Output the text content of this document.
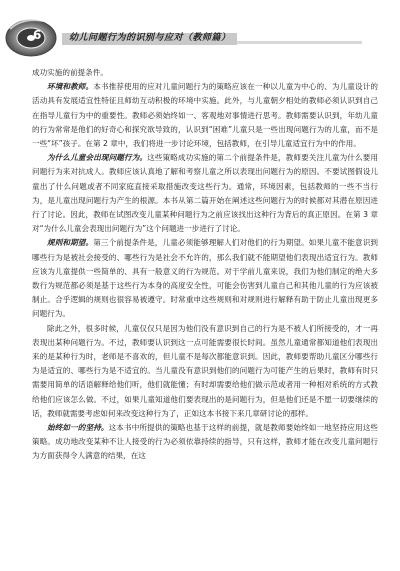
6	幼儿问题行为的识别与应对（教师篇）

成功实施的前提条件。

环境和教师。本书推荐使用的应对儿童问题行为的策略应该在一种以儿童为中心的、为儿童设计的活动具有发展适宜性特征且师幼互动积极的环境中实施。此外，与儿童朝夕相处的教师必须认识到自己在指导儿童行为中的重要性。教师必须始终如一、客观地对事情进行思考。教师需要认识到，年幼儿童的行为常常是他们的好奇心和探究欲导致的，认识到“困难”儿童只是一些出现问题行为的儿童，而不是一些“坏”孩子。在第 2 章中，我们将进一步讨论环境，包括教师，在引导儿童适宜行为中的作用。

为什么儿童会出现问题行为。这些策略成功实施的第二个前提条件是，教师要关注儿童为什么要用问题行为来对抗成人。教师应该认真地了解和考察儿童之所以表现出问题行为的原因。不要试图假设儿童出了什么问题或者不同家庭直接采取措施改变这些行为。通常，环境因素，包括教师的一些不当行为，是儿童出现问题行为产生的根源。本书从第二篇开始在阐述这些问题行为的时候都对其潜在原因进行了讨论。因此，教师在试图改变儿童某种问题行为之前应该找出这种行为背后的真正原因。在第 3 章对“为什么儿童会表现出问题行为”这个问题进一步进行了讨论。

规则和期望。第三个前提条件是，儿童必须能够理解人们对他们的行为期望。如果儿童不能意识到哪些行为是被社会接受的、哪些行为是社会不允许的，那么我们就不能期望他们表现出适宜行为。教师应该为儿童提供一些简单的、具有一般意义的行为规范。对于学前儿童来说，我们为他们制定的绝大多数行为规范都必须是基于这些行为本身的高度安全性，可能会伤害到儿童自己和其他儿童的行为应该被制止。合乎逻辑的规则也很容易被遵守。时常重申这些规则和对规则进行解释有助于防止儿童出现更多问题行为。

除此之外，很多时候，儿童仅仅只是因为他们没有意识到自己的行为是不被人们所接受的，才一再表现出某种问题行为。不过，教师要认识到这一点可能需要很长时间。虽然儿童通常都知道他们表现出来的是某种行为时，老师是不喜欢的，但儿童不是每次都能意识到。因此，教师要帮助儿童区分哪些行为是适宜的、哪些行为是不适宜的。当儿童没有意识到他们的问题行为可能产生的后果时，教师有时只需要用简单的话语解释给他们听，他们就能懂；有时却需要给他们做示范或者用一种相对系统的方式教给他们应该怎么做。不过，如果儿童知道他们要表现出的是问题行为，但是他们还是不愿一切要继续的话，教师就需要考虑如何来改变这种行为了，正如这本书接下来几章研讨论的那样。

始终如一的坚持。这本书中所提供的策略也基于这样的前提，就是教师要始终如一地坚持应用这些策略。成功地改变某种不让人接受的行为必须依靠持续的指导，只有这样，教师才能在改变儿童问题行为方面获得令人满意的结果，在这
